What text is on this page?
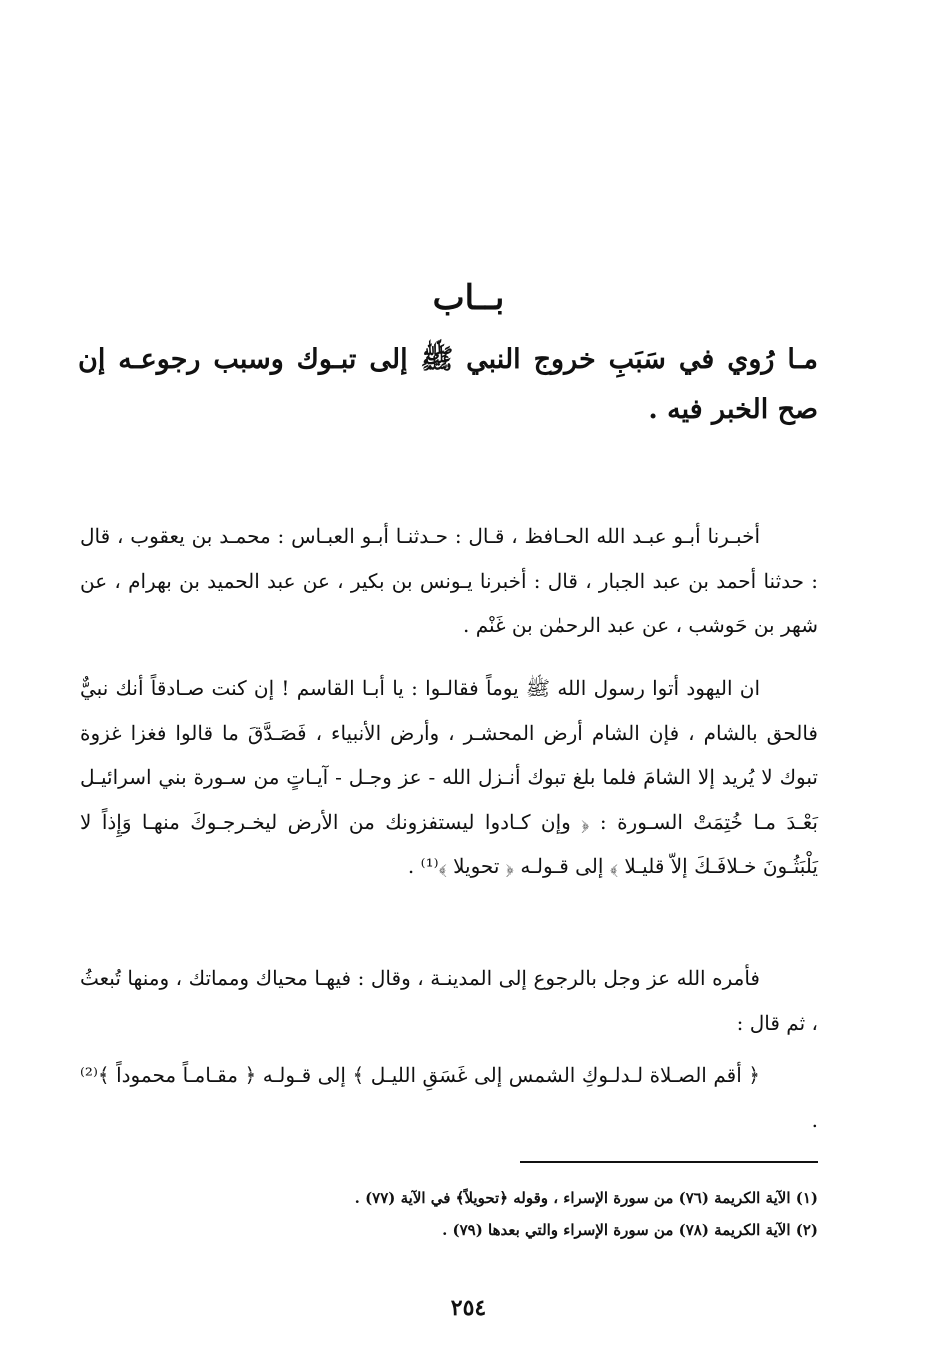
بــاب
مـا رُوي في سَبَبِ خروج النبي ﷺ إلى تبـوك وسبب رجوعـه إن صح الخبر فيه .

أخبـرنا أبـو عبـد الله الحـافظ ، قـال : حـدثنـا أبـو العبـاس : محمـد بن يعقوب ، قال : حدثنا أحمد بن عبد الجبار ، قال : أخبرنا يـونس بن بكير ، عن عبد الحميد بن بهرام ، عن شهر بن حَوشب ، عن عبد الرحمٰن بن غَنْم .

ان اليهود أتوا رسول الله ﷺ يوماً فقالـوا : يا أبـا القاسم ! إن كنت صـادقاً أنك نبيٌّ فالحق بالشام ، فإن الشام أرض المحشـر ، وأرض الأنبياء ، فَصَـدَّقَ ما قالوا فغزا غزوة تبوك لا يُريد إلا الشامَ فلما بلغ تبوك أنـزل الله - عز وجـل - آيـاتٍ من سـورة بني اسرائيـل بَعْـدَ مـا خُتِمَتْ السـورة : ﴿ وإن كـادوا ليستفزونك من الأرض ليخـرجـوكَ منهـا وَإِذاً لا يَلْبَثُـونَ خـلافَـكَ إلاّ قليـلا ﴾ إلى قـولـه ﴿ تحويلا ﴾⁽¹⁾ .

فأمره الله عز وجل بالرجوع إلى المدينـة ، وقال : فيهـا محياك ومماتك ، ومنها تُبعثُ ، ثم قال :

﴿ أقم الصـلاة لـدلـوكِ الشمس إلى غَسَقِ الليـل ﴾ إلى قـولـه ﴿ مقـامـاً محموداً ﴾⁽²⁾ .

(١) الآية الكريمة (٧٦) من سورة الإسراء ، وقوله ﴿تحويلاً﴾ في الآية (٧٧) .
(٢) الآية الكريمة (٧٨) من سورة الإسراء والتي بعدها (٧٩) .
٢٥٤
